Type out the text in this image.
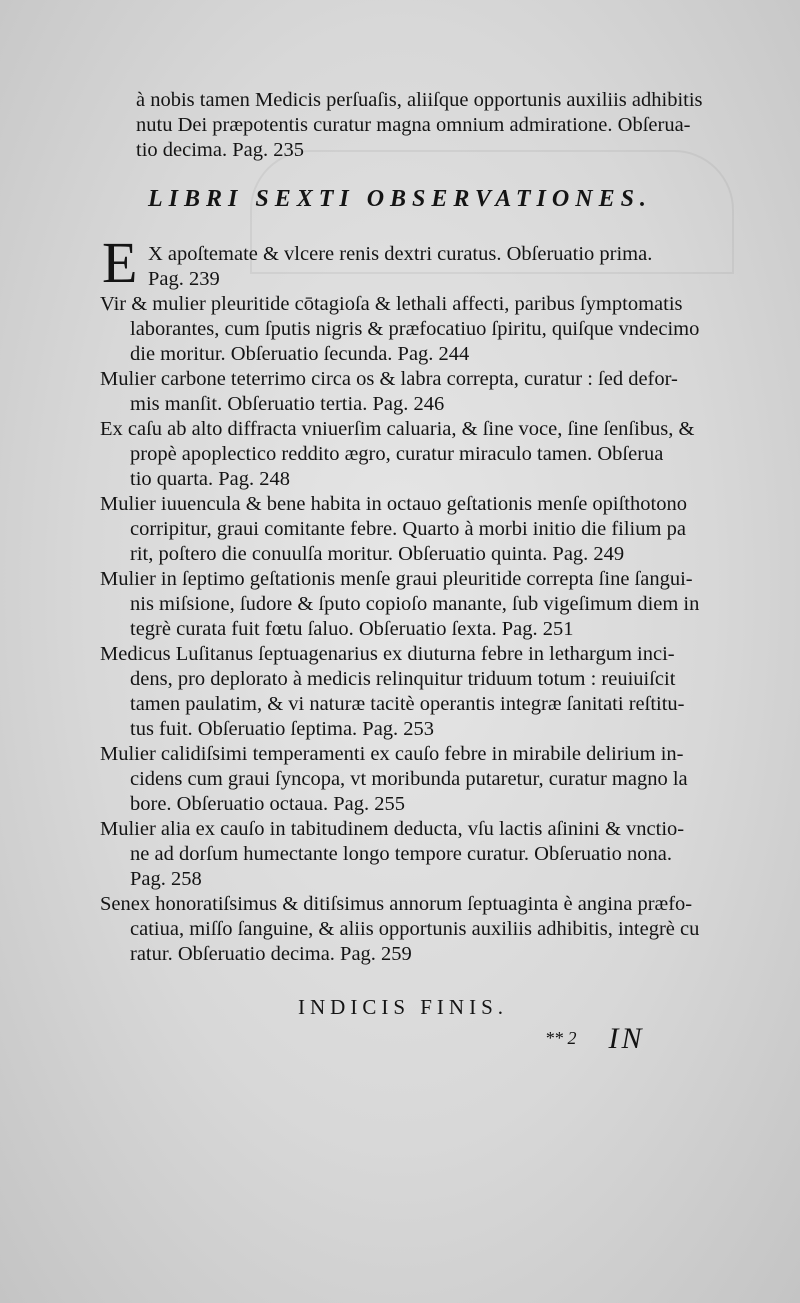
à nobis tamen Medicis perſuaſis, aliiſque opportunis auxiliis adhibitis
nutu Dei præpotentis curatur magna omnium admiratione. Obſerua-
tio decima. Pag. 235
LIBRI SEXTI OBSERVATIONES.
E X apoſtemate & vlcere renis dextri curatus. Obſeruatio prima.
Pag. 239
Vir & mulier pleuritide cōtagioſa & lethali affecti, paribus ſymptomatis
laborantes, cum ſputis nigris & præfocatiuo ſpiritu, quiſque vndecimo
die moritur. Obſeruatio ſecunda. Pag. 244
Mulier carbone teterrimo circa os & labra correpta, curatur : ſed defor-
mis manſit. Obſeruatio tertia. Pag. 246
Ex caſu ab alto diffracta vniuerſim caluaria, & ſine voce, ſine ſenſibus, &
propè apoplectico reddito ægro, curatur miraculo tamen. Obſerua
tio quarta. Pag. 248
Mulier iuuencula & bene habita in octauo geſtationis menſe opiſthotono
corripitur, graui comitante febre. Quarto à morbi initio die filium pa
rit, poſtero die conuulſa moritur. Obſeruatio quinta. Pag. 249
Mulier in ſeptimo geſtationis menſe graui pleuritide correpta ſine ſangui-
nis miſsione, ſudore & ſputo copioſo manante, ſub vigeſimum diem in
tegrè curata fuit fœtu ſaluo. Obſeruatio ſexta. Pag. 251
Medicus Luſitanus ſeptuagenarius ex diuturna febre in lethargum inci-
dens, pro deplorato à medicis relinquitur triduum totum : reuiuiſcit
tamen paulatim, & vi naturæ tacitè operantis integræ ſanitati reſtitu-
tus fuit. Obſeruatio ſeptima. Pag. 253
Mulier calidiſsimi temperamenti ex cauſo febre in mirabile delirium in-
cidens cum graui ſyncopa, vt moribunda putaretur, curatur magno la
bore. Obſeruatio octaua. Pag. 255
Mulier alia ex cauſo in tabitudinem deducta, vſu lactis aſinini & vnctio-
ne ad dorſum humectante longo tempore curatur. Obſeruatio nona.
Pag. 258
Senex honoratiſsimus & ditiſsimus annorum ſeptuaginta è angina præfo-
catiua, miſſo ſanguine, & aliis opportunis auxiliis adhibitis, integrè cu
ratur. Obſeruatio decima. Pag. 259
INDICIS FINIS.
** 2 IN
